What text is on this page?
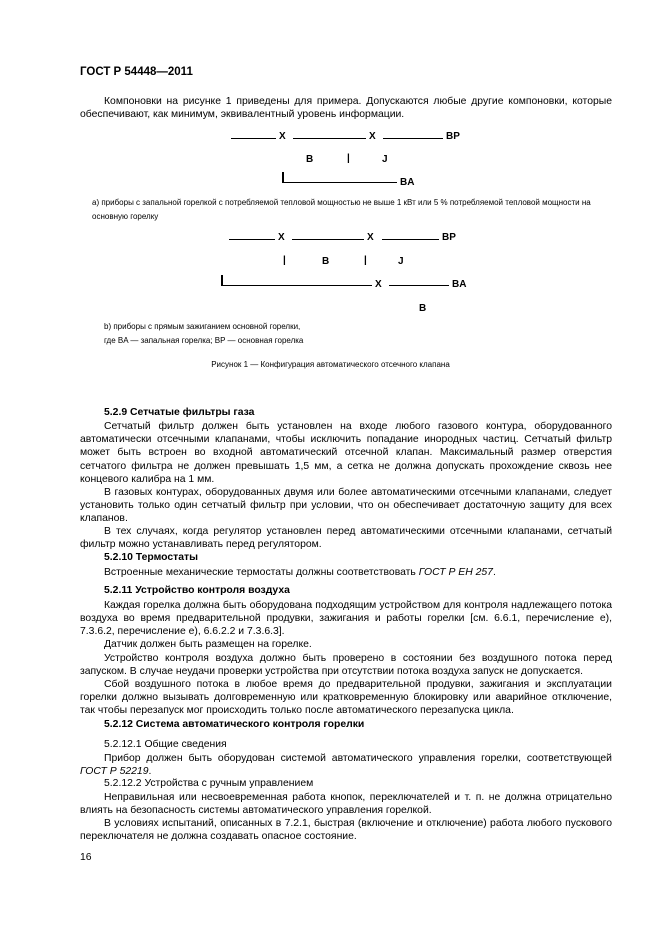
ГОСТ Р 54448—2011

Компоновки на рисунке 1 приведены для примера. Допускаются любые другие компоновки, которые обеспечивают, как минимум, эквивалентный уровень информации.

X	X	BP
B	|	J
BA
a) приборы с запальной горелкой с потребляемой тепловой мощностью не выше 1 кВт или 5 % потребляемой тепловой мощности на основную горелку
X	X	BP
|	B	|	J
X	BA
B
b) приборы с прямым зажиганием основной горелки,
где BA — запальная горелка; BP — основная горелка
Рисунок 1 — Конфигурация автоматического отсечного клапана
5.2.9 Сетчатые фильтры газа

Сетчатый фильтр должен быть установлен на входе любого газового контура, оборудованного автоматически отсечными клапанами, чтобы исключить попадание инородных частиц. Сетчатый фильтр может быть встроен во входной автоматический отсечной клапан. Максимальный размер отверстия сетчатого фильтра не должен превышать 1,5 мм, а сетка не должна допускать прохождение сквозь нее концевого калибра на 1 мм.

В газовых контурах, оборудованных двумя или более автоматическими отсечными клапанами, следует установить только один сетчатый фильтр при условии, что он обеспечивает достаточную защиту для всех клапанов.

В тех случаях, когда регулятор установлен перед автоматическими отсечными клапанами, сетчатый фильтр можно устанавливать перед регулятором.

5.2.10 Термостаты

Встроенные механические термостаты должны соответствовать ГОСТ Р ЕН 257.

5.2.11 Устройство контроля воздуха

Каждая горелка должна быть оборудована подходящим устройством для контроля надлежащего потока воздуха во время предварительной продувки, зажигания и работы горелки [см. 6.6.1, перечисление е), 7.3.6.2, перечисление е), 6.6.2.2 и 7.3.6.3].

Датчик должен быть размещен на горелке.

Устройство контроля воздуха должно быть проверено в состоянии без воздушного потока перед запуском. В случае неудачи проверки устройства при отсутствии потока воздуха запуск не допускается.

Сбой воздушного потока в любое время до предварительной продувки, зажигания и эксплуатации горелки должно вызывать долговременную или кратковременную блокировку или аварийное отключение, так чтобы перезапуск мог происходить только после автоматического перезапуска цикла.

5.2.12 Система автоматического контроля горелки
5.2.12.1 Общие сведения

Прибор должен быть оборудован системой автоматического управления горелки, соответствующей ГОСТ Р 52219.

5.2.12.2 Устройства с ручным управлением

Неправильная или несвоевременная работа кнопок, переключателей и т. п. не должна отрицательно влиять на безопасность системы автоматического управления горелкой.

В условиях испытаний, описанных в 7.2.1, быстрая (включение и отключение) работа любого пускового переключателя не должна создавать опасное состояние.

16
